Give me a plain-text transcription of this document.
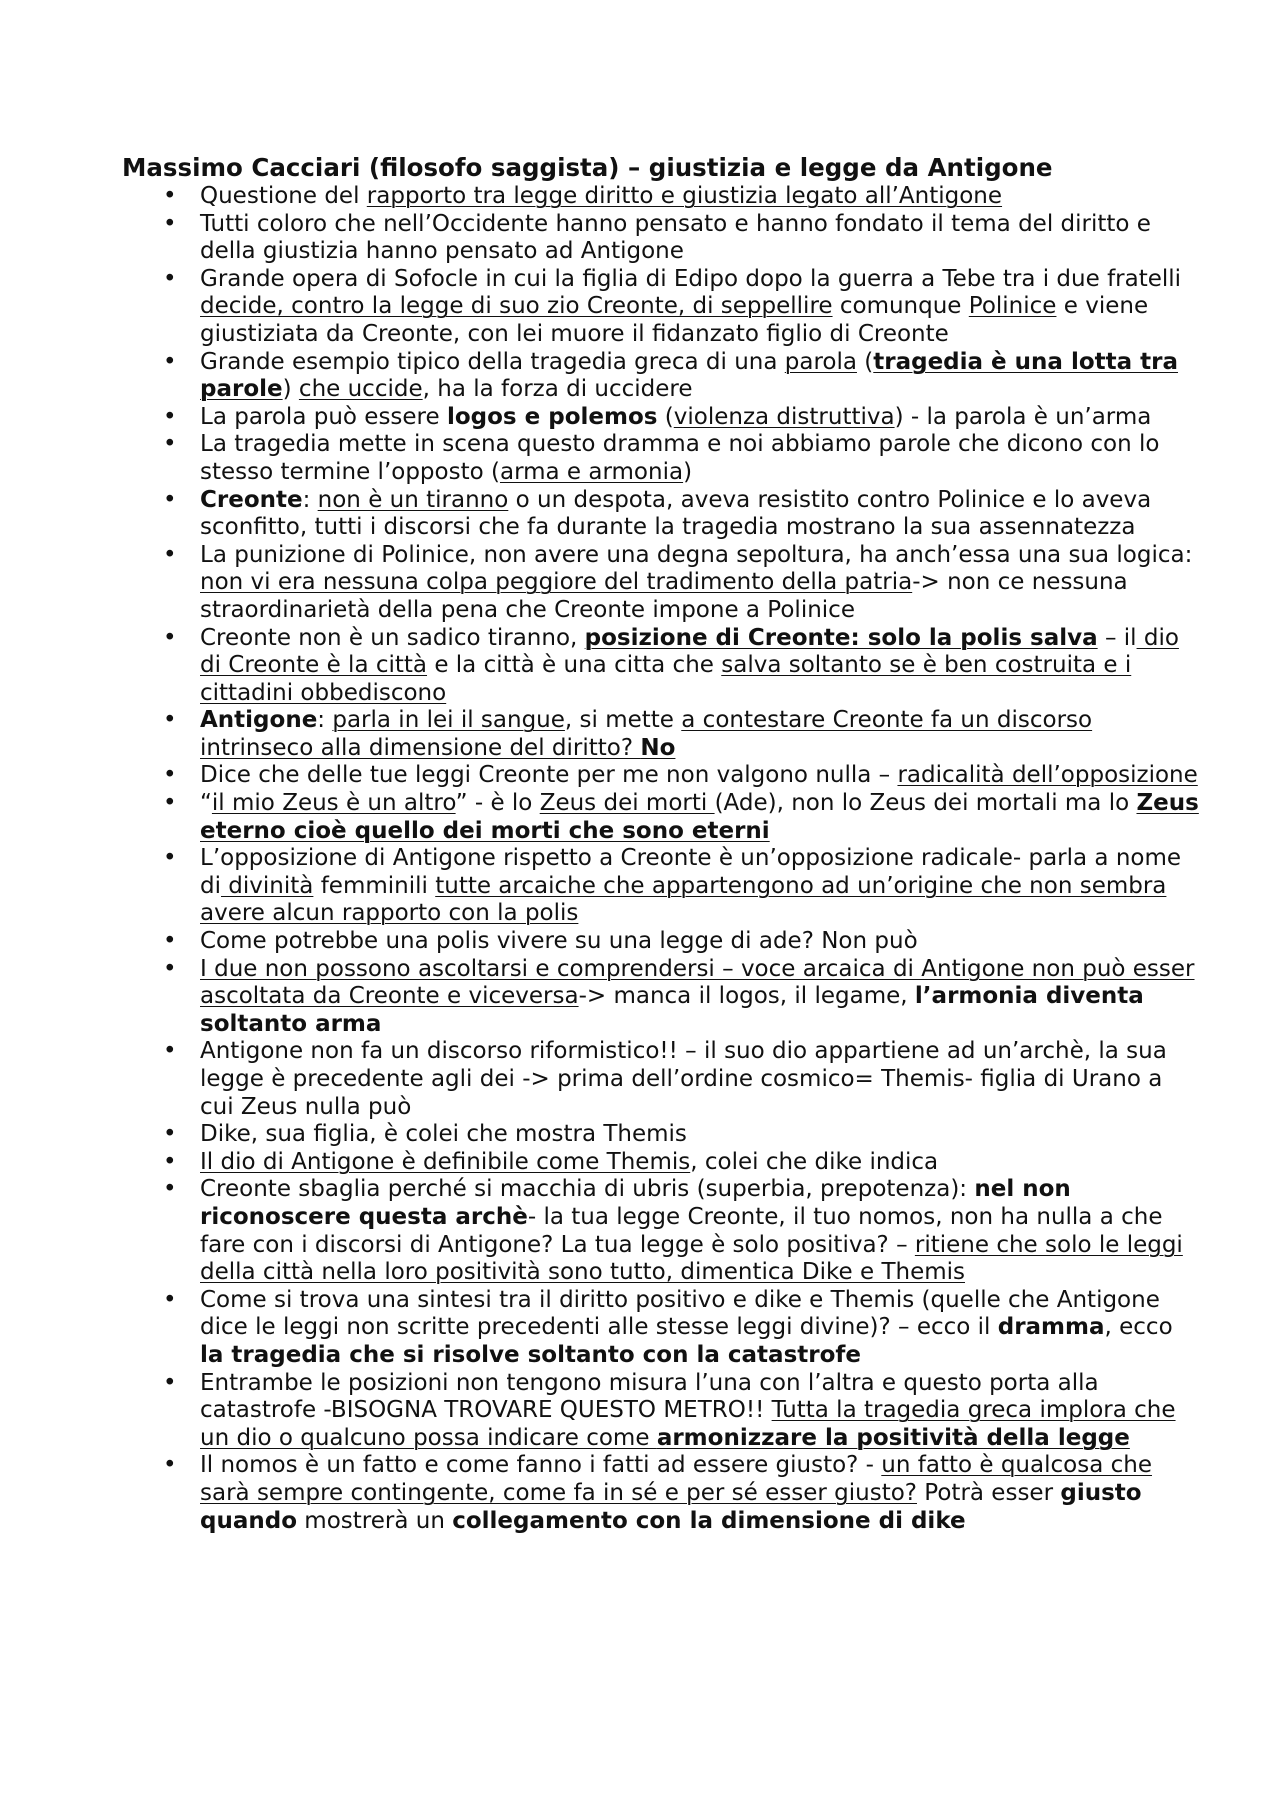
Massimo Cacciari (filosofo saggista) – giustizia e legge da Antigone
• Questione del rapporto tra legge diritto e giustizia legato all’Antigone
• Tutti coloro che nell’Occidente hanno pensato e hanno fondato il tema del diritto e della giustizia hanno pensato ad Antigone
• Grande opera di Sofocle in cui la figlia di Edipo dopo la guerra a Tebe tra i due fratelli decide, contro la legge di suo zio Creonte, di seppellire comunque Polinice e viene giustiziata da Creonte, con lei muore il fidanzato figlio di Creonte
• Grande esempio tipico della tragedia greca di una parola (tragedia è una lotta tra parole) che uccide, ha la forza di uccidere
• La parola può essere logos e polemos (violenza distruttiva) - la parola è un’arma
• La tragedia mette in scena questo dramma e noi abbiamo parole che dicono con lo stesso termine l’opposto (arma e armonia)
• Creonte: non è un tiranno o un despota, aveva resistito contro Polinice e lo aveva sconfitto, tutti i discorsi che fa durante la tragedia mostrano la sua assennatezza
• La punizione di Polinice, non avere una degna sepoltura, ha anch’essa una sua logica: non vi era nessuna colpa peggiore del tradimento della patria-> non ce nessuna straordinarietà della pena che Creonte impone a Polinice
• Creonte non è un sadico tiranno, posizione di Creonte: solo la polis salva – il dio di Creonte è la città e la città è una citta che salva soltanto se è ben costruita e i cittadini obbediscono
• Antigone: parla in lei il sangue, si mette a contestare Creonte fa un discorso intrinseco alla dimensione del diritto? No
• Dice che delle tue leggi Creonte per me non valgono nulla – radicalità dell’opposizione
• “il mio Zeus è un altro” - è lo Zeus dei morti (Ade), non lo Zeus dei mortali ma lo Zeus eterno cioè quello dei morti che sono eterni
• L’opposizione di Antigone rispetto a Creonte è un’opposizione radicale- parla a nome di divinità femminili tutte arcaiche che appartengono ad un’origine che non sembra avere alcun rapporto con la polis
• Come potrebbe una polis vivere su una legge di ade? Non può
• I due non possono ascoltarsi e comprendersi – voce arcaica di Antigone non può esser ascoltata da Creonte e viceversa-> manca il logos, il legame, l’armonia diventa soltanto arma
• Antigone non fa un discorso riformistico!! – il suo dio appartiene ad un’archè, la sua legge è precedente agli dei -> prima dell’ordine cosmico= Themis- figlia di Urano a cui Zeus nulla può
• Dike, sua figlia, è colei che mostra Themis
• Il dio di Antigone è definibile come Themis, colei che dike indica
• Creonte sbaglia perché si macchia di ubris (superbia, prepotenza): nel non riconoscere questa archè- la tua legge Creonte, il tuo nomos, non ha nulla a che fare con i discorsi di Antigone? La tua legge è solo positiva? – ritiene che solo le leggi della città nella loro positività sono tutto, dimentica Dike e Themis
• Come si trova una sintesi tra il diritto positivo e dike e Themis (quelle che Antigone dice le leggi non scritte precedenti alle stesse leggi divine)? – ecco il dramma, ecco la tragedia che si risolve soltanto con la catastrofe
• Entrambe le posizioni non tengono misura l’una con l’altra e questo porta alla catastrofe -BISOGNA TROVARE QUESTO METRO!! Tutta la tragedia greca implora che un dio o qualcuno possa indicare come armonizzare la positività della legge
• Il nomos è un fatto e come fanno i fatti ad essere giusto? - un fatto è qualcosa che sarà sempre contingente, come fa in sé e per sé esser giusto? Potrà esser giusto quando mostrerà un collegamento con la dimensione di dike
